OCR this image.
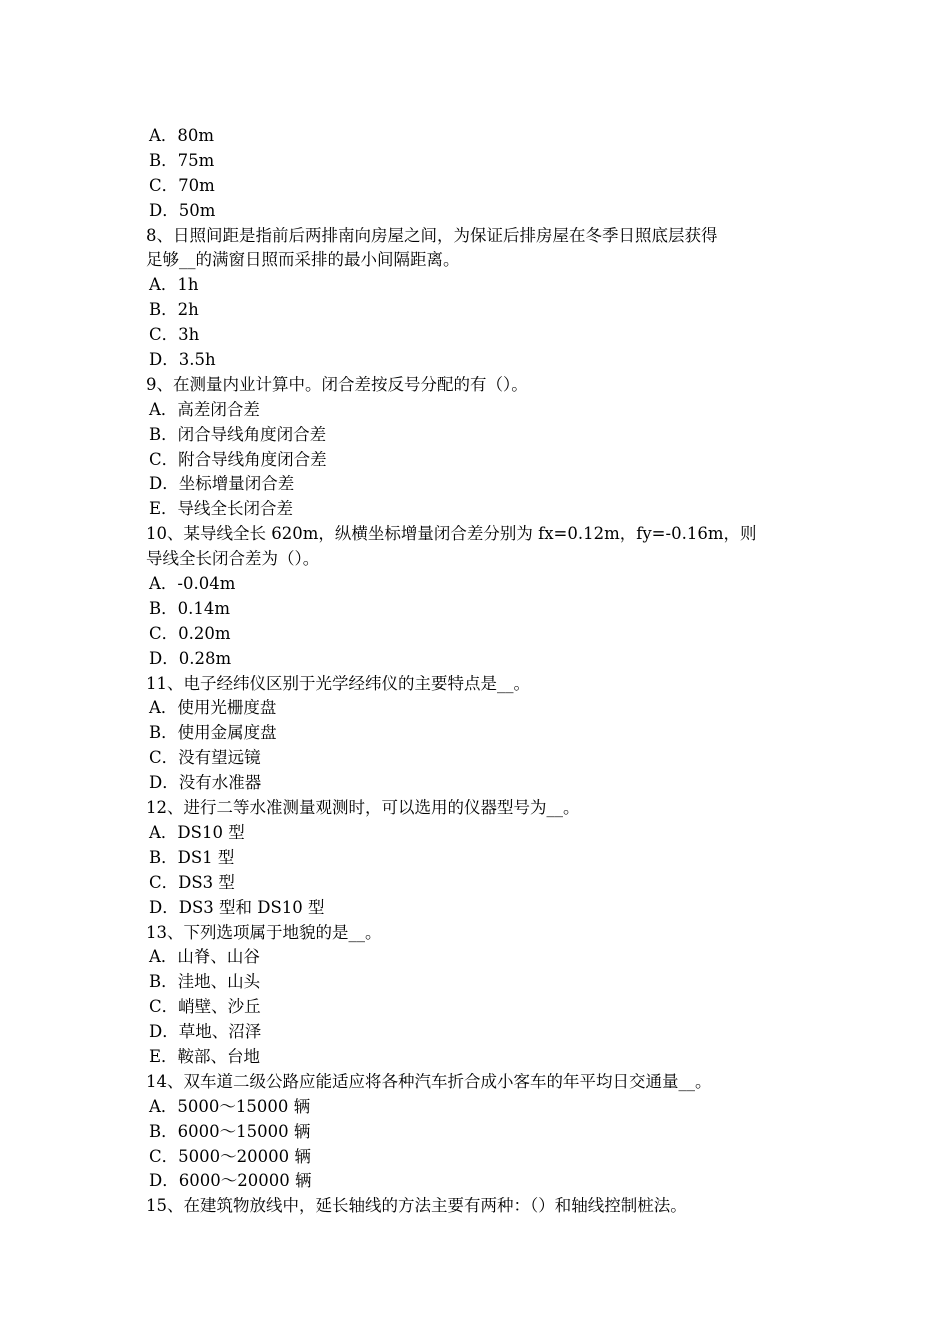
A．80m
B．75m
C．70m
D．50m
8、日照间距是指前后两排南向房屋之间，为保证后排房屋在冬季日照底层获得
足够__的满窗日照而采排的最小间隔距离。
A．1h
B．2h
C．3h
D．3.5h
9、在测量内业计算中。闭合差按反号分配的有（）。
A．高差闭合差
B．闭合导线角度闭合差
C．附合导线角度闭合差
D．坐标增量闭合差
E．导线全长闭合差
10、某导线全长 620m，纵横坐标增量闭合差分别为 fx=0.12m，fy=-0.16m，则
导线全长闭合差为（）。
A．-0.04m
B．0.14m
C．0.20m
D．0.28m
11、电子经纬仪区别于光学经纬仪的主要特点是__。
A．使用光栅度盘
B．使用金属度盘
C．没有望远镜
D．没有水准器
12、进行二等水准测量观测时，可以选用的仪器型号为__。
A．DS10 型
B．DS1 型
C．DS3 型
D．DS3 型和 DS10 型
13、下列选项属于地貌的是__。
A．山脊、山谷
B．洼地、山头
C．峭壁、沙丘
D．草地、沼泽
E．鞍部、台地
14、双车道二级公路应能适应将各种汽车折合成小客车的年平均日交通量__。
A．5000～15000 辆
B．6000～15000 辆
C．5000～20000 辆
D．6000～20000 辆
15、在建筑物放线中，延长轴线的方法主要有两种：（）和轴线控制桩法。
